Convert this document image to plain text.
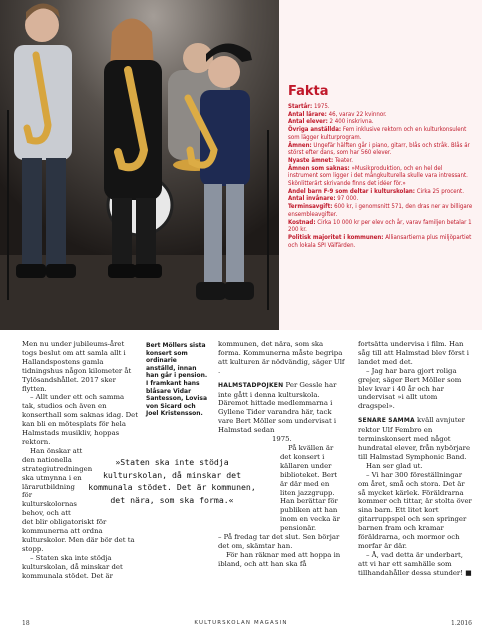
Fakta

Startår: 1975.

Antal lärare: 46, varav 22 kvinnor.

Antal elever: 2 400 inskrivna.

Övriga anställda: Fem inklusive rektorn och en kulturkonsulent som lägger kulturprogram.

Ämnen: Ungefär hälften går i piano, gitarr, blås och stråk. Blås är störst efter dans, som har 560 elever.

Nyaste ämnet: Teater.

Ämnen som saknas: »Musikproduktion, och en hel del instrument som ligger i det mångkulturella skulle vara intressant. Skönlitterärt skrivande finns det idéer för.»

Andel barn F-9 som deltar i kulturskolan: Cirka 25 procent.

Antal invånare: 97 000.

Terminsavgift: 600 kr, i genomsnitt 571, den dras ner av billigare ensembleavgifter.

Kostnad: Cirka 10 000 kr per elev och år, varav familjen betalar 1 200 kr.

Politisk majoritet i kommunen: Alliansartierna plus miljöpartiet och lokala SPI Välfärden.

Men nu under jubileums-året togs beslut om att samla allt i Hallandspostens gamla tidningshus någon kilometer åt Tylösandshållet. 2017 sker flytten.

– Allt under ett och samma tak, studios och även en konserthall som saknas idag. Det kan bli en mötesplats för hela Halmstads musikliv, hoppas rektorn.

Han önskar att den nationella strategiutredningen ska utmynna i en lärarutbildning för kulturskolornas behov, och att

det blir obligatoriskt för kommunerna att ordna kulturskolor. Men där bör det ta stopp.

– Staten ska inte stödja kulturskolan, då minskar det kommunala stödet. Det är

Bert Möllers sista konsert som ordinarie anställd, innan han går i pension. I framkant hans blåsare Vidar Santesson, Lovisa von Sicard och Joel Kristensson.

kommunen, det nära, som ska forma. Kommunerna måste begripa att kulturen är nödvändig, säger Ulf .

HALMSTADPOJKEN Per Gessle har inte gått i denna kulturskola. Däremot hittade medlemmarna i Gyllene Tider varandra här, tack vare Bert Möller som undervisat i Halmstad sedan

1975.

På kvällen är det konsert i källaren under biblioteket. Bert är där med en liten jazzgrupp. Han berättar för publiken att han inom en vecka är pensionär.

– På fredag tar det slut. Sen börjar det om, skämtar han.

För han räknar med att hoppa in ibland, och att han ska få

»Staten ska inte stödja kulturskolan, då minskar det kommunala stödet. Det är kommunen, det nära, som ska forma.«

fortsätta undervisa i film. Han såg till att Halmstad blev först i landet med det.

– Jag har bara gjort roliga grejer, säger Bert Möller som blev kvar i 40 år och har undervisat »i allt utom dragspel».

SENARE SAMMA kväll avnjuter rektor Ulf Fembro en terminskonsert med något hundratal elever, från nybörjare till Halmstad Symphonic Band.

Han ser glad ut.

– Vi har 300 föreställningar om året, små och stora. Det är så mycket kärlek. Föräldrarna kommer och tittar, är stolta över sina barn. Ett litet kort gitarruppspel och sen springer barnen fram och kramar föräldrarna, och mormor och morfar är där.

– Å, vad detta är underbart, att vi har ett samhälle som tillhandahåller dessa stunder! ■

18	KULTURSKOLAN MAGASIN	1.2016
